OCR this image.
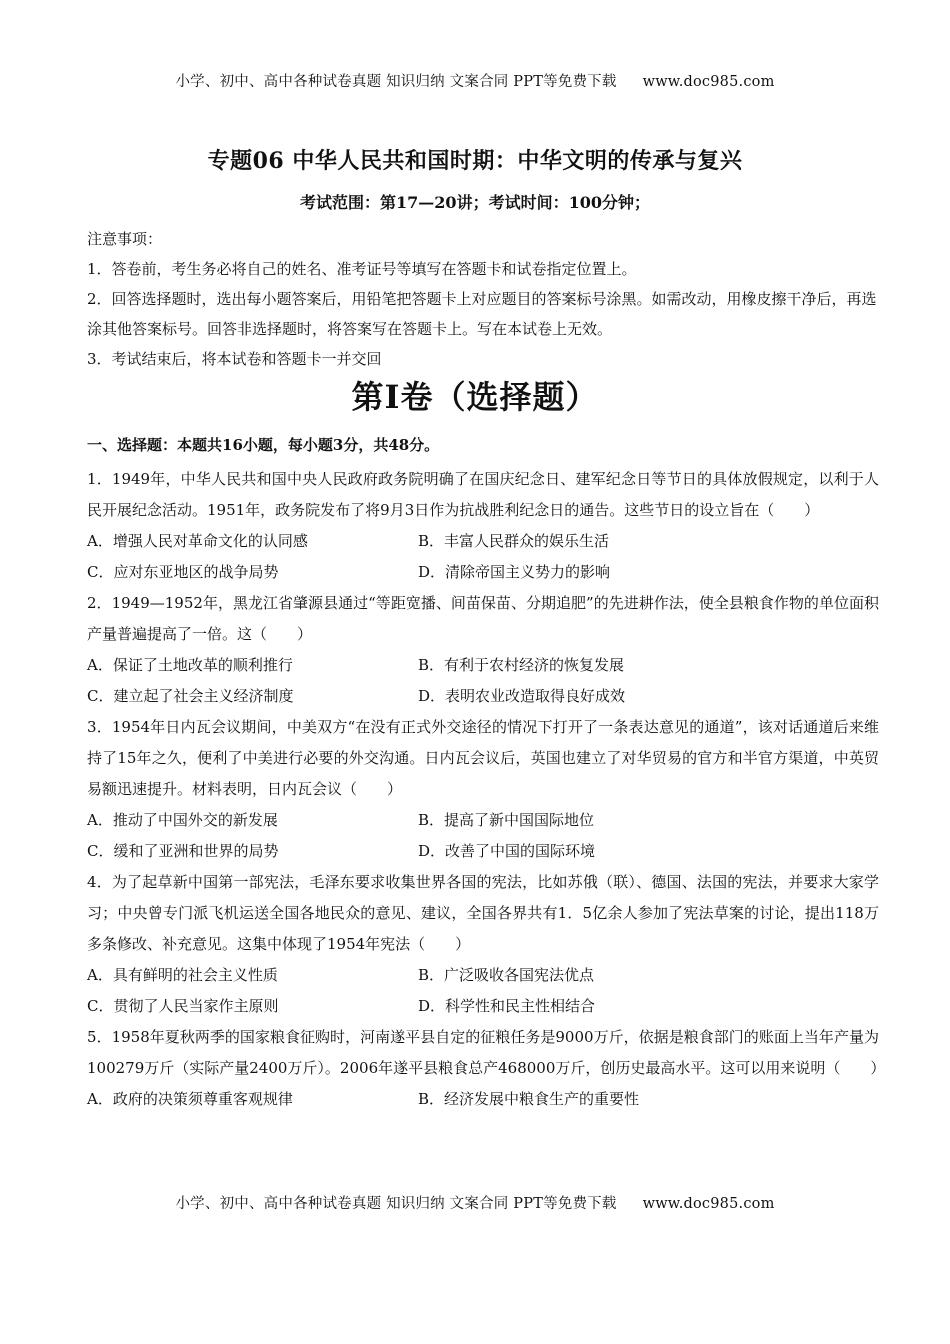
小学、初中、高中各种试卷真题 知识归纳 文案合同 PPT等免费下载 www.doc985.com
专题06 中华人民共和国时期：中华文明的传承与复兴
考试范围：第17—20讲；考试时间：100分钟；

注意事项：

1．答卷前，考生务必将自己的姓名、准考证号等填写在答题卡和试卷指定位置上。

2．回答选择题时，选出每小题答案后，用铅笔把答题卡上对应题目的答案标号涂黑。如需改动，用橡皮擦干净后，再选涂其他答案标号。回答非选择题时，将答案写在答题卡上。写在本试卷上无效。

3．考试结束后，将本试卷和答题卡一并交回

第I卷（选择题）
一、选择题：本题共16小题，每小题3分，共48分。

1．1949年，中华人民共和国中央人民政府政务院明确了在国庆纪念日、建军纪念日等节日的具体放假规定，以利于人民开展纪念活动。1951年，政务院发布了将9月3日作为抗战胜利纪念日的通告。这些节日的设立旨在（　　）

A．增强人民对革命文化的认同感	B．丰富人民群众的娱乐生活
C．应对东亚地区的战争局势	D．清除帝国主义势力的影响

2．1949—1952年，黑龙江省肇源县通过“等距宽播、间苗保苗、分期追肥”的先进耕作法，使全县粮食作物的单位面积产量普遍提高了一倍。这（　　）

A．保证了土地改革的顺利推行	B．有利于农村经济的恢复发展
C．建立起了社会主义经济制度	D．表明农业改造取得良好成效

3．1954年日内瓦会议期间，中美双方“在没有正式外交途径的情况下打开了一条表达意见的通道”，该对话通道后来维持了15年之久，便利了中美进行必要的外交沟通。日内瓦会议后，英国也建立了对华贸易的官方和半官方渠道，中英贸易额迅速提升。材料表明，日内瓦会议（　　）

A．推动了中国外交的新发展	B．提高了新中国国际地位
C．缓和了亚洲和世界的局势	D．改善了中国的国际环境

4．为了起草新中国第一部宪法，毛泽东要求收集世界各国的宪法，比如苏俄（联）、德国、法国的宪法，并要求大家学习；中央曾专门派飞机运送全国各地民众的意见、建议，全国各界共有1．5亿余人参加了宪法草案的讨论，提出118万多条修改、补充意见。这集中体现了1954年宪法（　　）

A．具有鲜明的社会主义性质	B．广泛吸收各国宪法优点
C．贯彻了人民当家作主原则	D．科学性和民主性相结合

5．1958年夏秋两季的国家粮食征购时，河南遂平县自定的征粮任务是9000万斤，依据是粮食部门的账面上当年产量为100279万斤（实际产量2400万斤）。2006年遂平县粮食总产468000万斤，创历史最高水平。这可以用来说明（　　）

A．政府的决策须尊重客观规律	B．经济发展中粮食生产的重要性
小学、初中、高中各种试卷真题 知识归纳 文案合同 PPT等免费下载 www.doc985.com
